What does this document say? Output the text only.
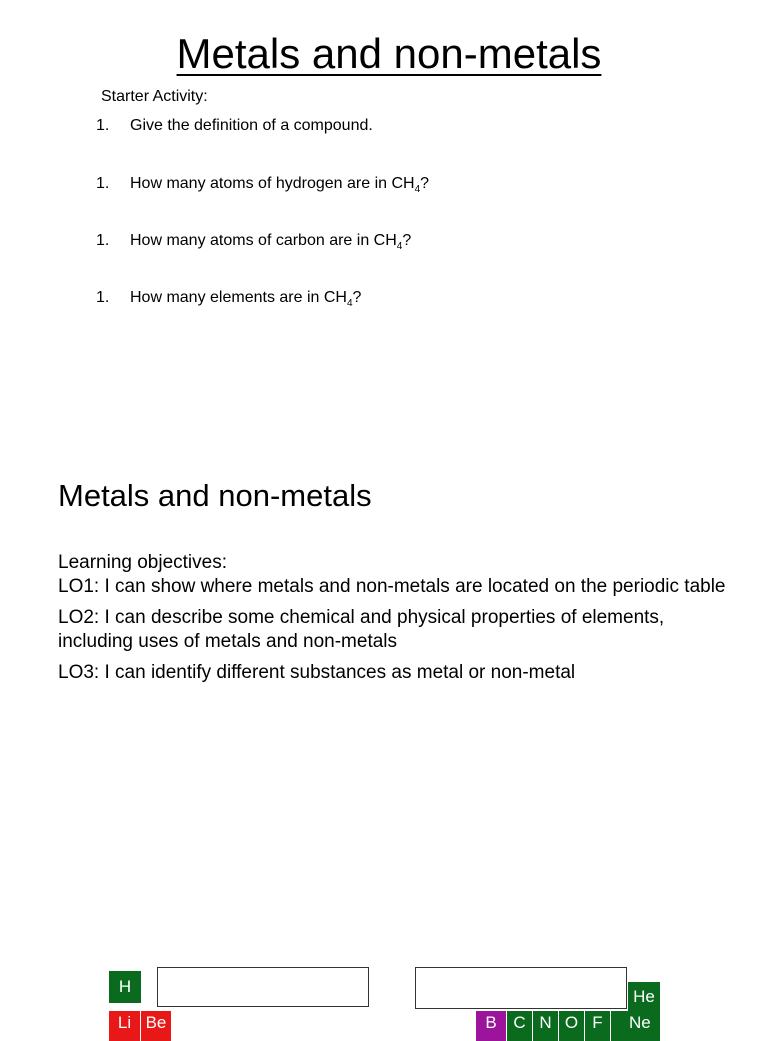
Metals and non-metals
Starter Activity:
1. Give the definition of a compound.
1. How many atoms of hydrogen are in $CH_4$?
1. How many atoms of carbon are in $CH_4$?
1. How many elements are in $CH_4$?
Metals and non-metals

Learning objectives:

LO1: I can show where metals and non-metals are located on the periodic table

LO2: I can describe some chemical and physical properties of elements, including uses of metals and non-metals

LO3: I can identify different substances as metal or non-metal

H
Li Be
He
B C N O F	Ne
